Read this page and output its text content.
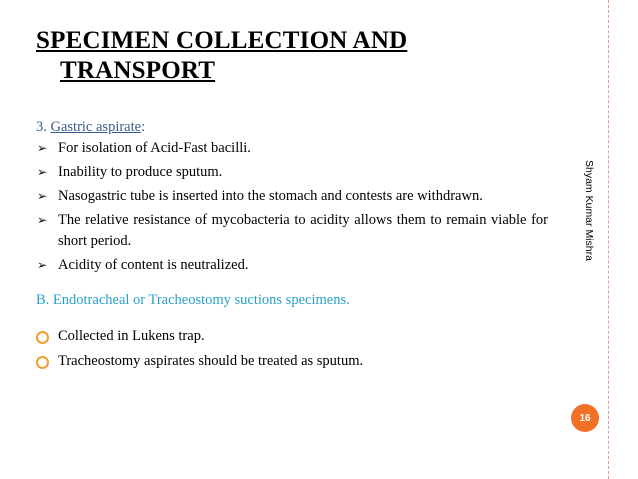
SPECIMEN COLLECTION AND
TRANSPORT

3. Gastric aspirate:

➢ For isolation of Acid-Fast bacilli.
➢ Inability to produce sputum.
➢ Nasogastric tube is inserted into the stomach and contests are withdrawn.
➢ The relative resistance of mycobacteria to acidity allows them to remain viable for short period.
➢ Acidity of content is neutralized.

B. Endotracheal or Tracheostomy suctions specimens.

Collected in Lukens trap.
Tracheostomy aspirates should be treated as sputum.
Shyam Kumar Mishra
16
